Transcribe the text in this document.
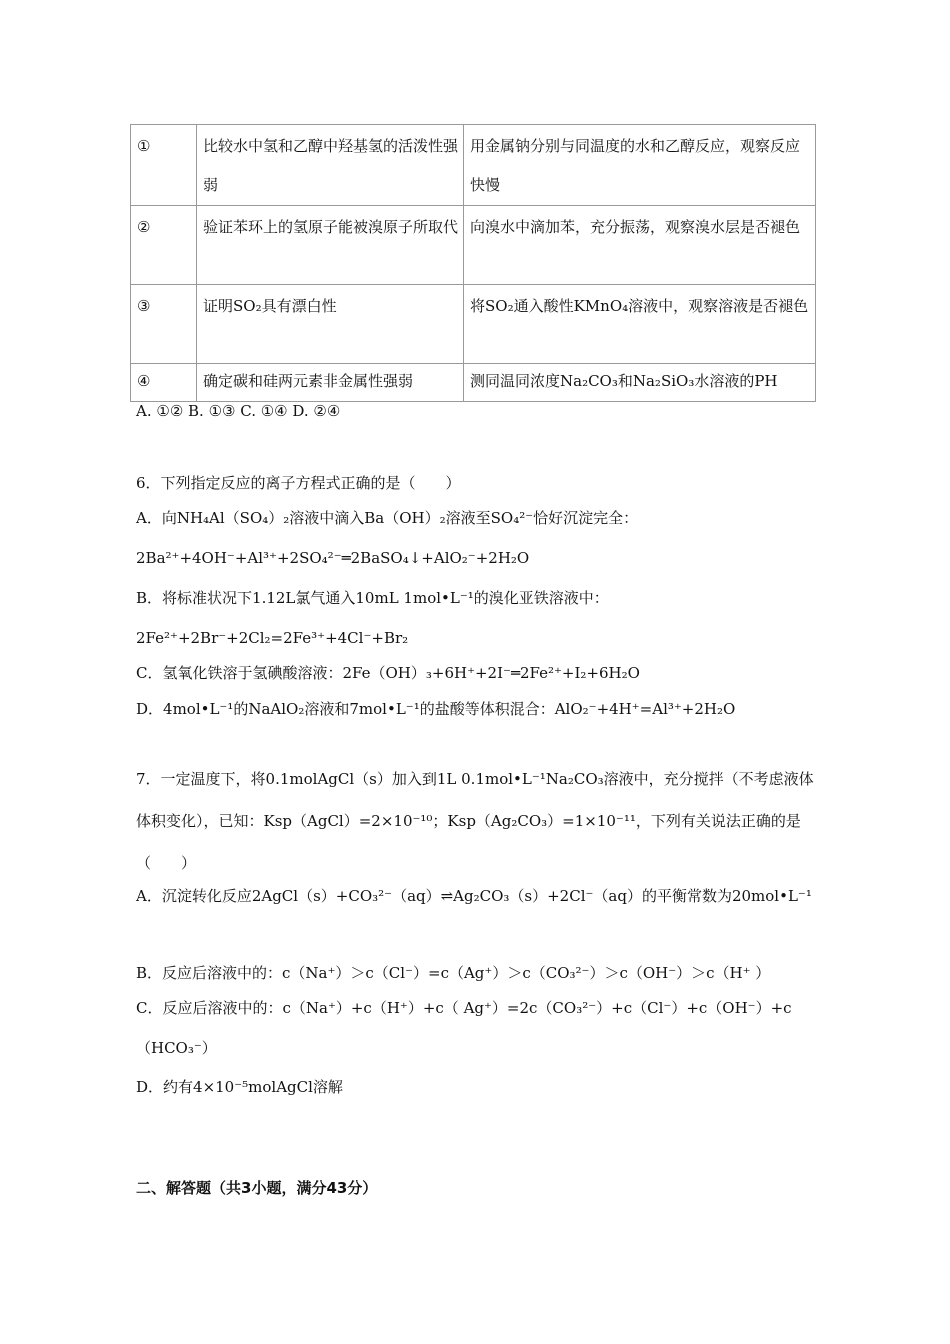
①	比较水中氢和乙醇中羟基氢的活泼性强弱	用金属钠分别与同温度的水和乙醇反应，观察反应快慢
②	验证苯环上的氢原子能被溴原子所取代	向溴水中滴加苯，充分振荡，观察溴水层是否褪色
③	证明SO₂具有漂白性	将SO₂通入酸性KMnO₄溶液中，观察溶液是否褪色
④	确定碳和硅两元素非金属性强弱	测同温同浓度Na₂CO₃和Na₂SiO₃水溶液的PH
A. ①② B. ①③ C. ①④ D. ②④
6．下列指定反应的离子方程式正确的是（　　）
A．向NH₄Al（SO₄）₂溶液中滴入Ba（OH）₂溶液至SO₄²⁻恰好沉淀完全：2Ba²⁺+4OH⁻+Al³⁺+2SO₄²⁻═2BaSO₄↓+AlO₂⁻+2H₂O
B．将标准状况下1.12L氯气通入10mL 1mol•L⁻¹的溴化亚铁溶液中：2Fe²⁺+2Br⁻+2Cl₂=2Fe³⁺+4Cl⁻+Br₂
C．氢氧化铁溶于氢碘酸溶液：2Fe（OH）₃+6H⁺+2I⁻═2Fe²⁺+I₂+6H₂O
D．4mol•L⁻¹的NaAlO₂溶液和7mol•L⁻¹的盐酸等体积混合：AlO₂⁻+4H⁺=Al³⁺+2H₂O
7．一定温度下，将0.1molAgCl（s）加入到1L 0.1mol•L⁻¹Na₂CO₃溶液中，充分搅拌（不考虑液体体积变化），已知：Ksp（AgCl）=2×10⁻¹⁰；Ksp（Ag₂CO₃）=1×10⁻¹¹，下列有关说法正确的是（　　）
A．沉淀转化反应2AgCl（s）+CO₃²⁻（aq）⇌Ag₂CO₃（s）+2Cl⁻（aq）的平衡常数为20mol•L⁻¹
B．反应后溶液中的：c（Na⁺）＞c（Cl⁻）=c（Ag⁺）＞c（CO₃²⁻）＞c（OH⁻）＞c（H⁺ ）
C．反应后溶液中的：c（Na⁺）+c（H⁺）+c（ Ag⁺）=2c（CO₃²⁻）+c（Cl⁻）+c（OH⁻）+c（HCO₃⁻）
D．约有4×10⁻⁵molAgCl溶解
二、解答题（共3小题，满分43分）
